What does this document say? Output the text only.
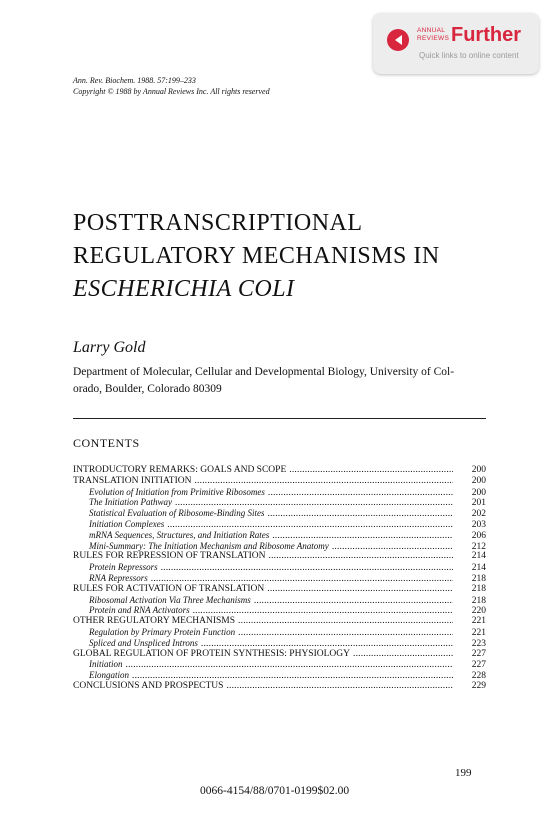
ANNUAL
REVIEWS Further
Quick links to online content
Ann. Rev. Biochem. 1988. 57:199–233
Copyright © 1988 by Annual Reviews Inc. All rights reserved
POSTTRANSCRIPTIONAL
REGULATORY MECHANISMS IN
ESCHERICHIA COLI
Larry Gold
Department of Molecular, Cellular and Developmental Biology, University of Col-
orado, Boulder, Colorado 80309
CONTENTS
INTRODUCTORY REMARKS: GOALS AND SCOPE .....	200
TRANSLATION INITIATION .....	200
Evolution of Initiation from Primitive Ribosomes .....	200
The Initiation Pathway .....	201
Statistical Evaluation of Ribosome-Binding Sites .....	202
Initiation Complexes .....	203
mRNA Sequences, Structures, and Initiation Rates .....	206
Mini-Summary: The Initiation Mechanism and Ribosome Anatomy .....	212
RULES FOR REPRESSION OF TRANSLATION .....	214
Protein Repressors .....	214
RNA Repressors .....	218
RULES FOR ACTIVATION OF TRANSLATION .....	218
Ribosomal Activation Via Three Mechanisms .....	218
Protein and RNA Activators .....	220
OTHER REGULATORY MECHANISMS .....	221
Regulation by Primary Protein Function .....	221
Spliced and Unspliced Introns .....	223
GLOBAL REGULATION OF PROTEIN SYNTHESIS: PHYSIOLOGY .....	227
Initiation .....	227
Elongation .....	228
CONCLUSIONS AND PROSPECTUS .....	229
199
0066-4154/88/0701-0199$02.00
